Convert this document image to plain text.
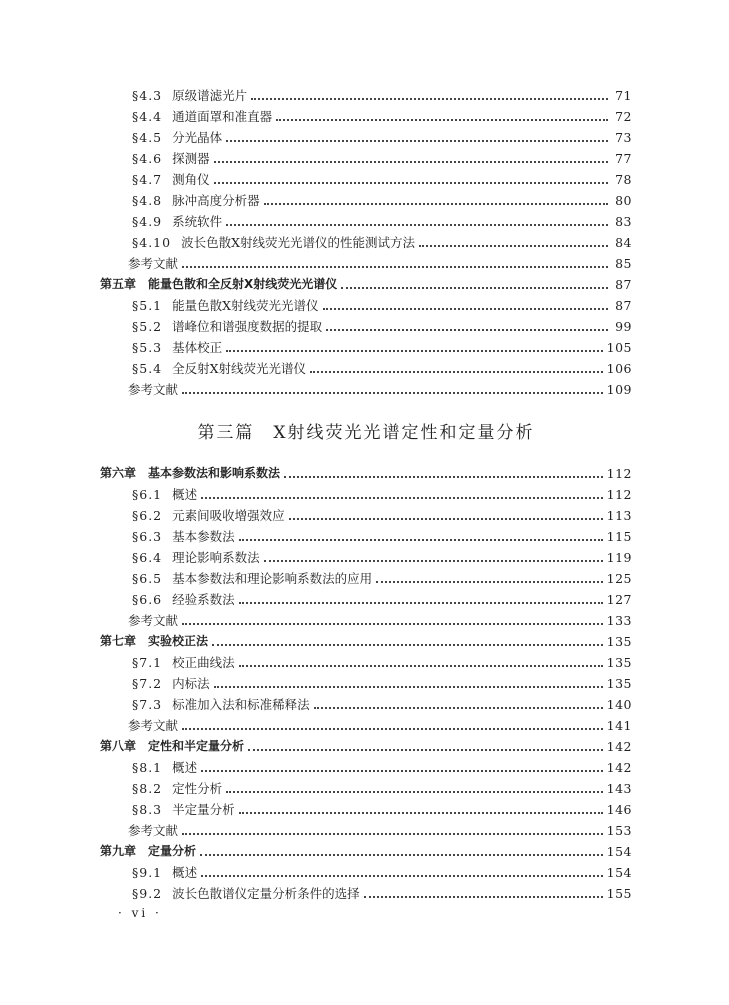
§4.3 原级谱滤光片	71
§4.4 通道面罩和准直器	72
§4.5 分光晶体	73
§4.6 探测器	77
§4.7 测角仪	78
§4.8 脉冲高度分析器	80
§4.9 系统软件	83
§4.10 波长色散X射线荧光光谱仪的性能测试方法	84
参考文献	85
第五章　能量色散和全反射X射线荧光光谱仪	87
§5.1 能量色散X射线荧光光谱仪	87
§5.2 谱峰位和谱强度数据的提取	99
§5.3 基体校正	105
§5.4 全反射X射线荧光光谱仪	106
参考文献	109
第三篇　X射线荧光光谱定性和定量分析
第六章　基本参数法和影响系数法	112
§6.1 概述	112
§6.2 元素间吸收增强效应	113
§6.3 基本参数法	115
§6.4 理论影响系数法	119
§6.5 基本参数法和理论影响系数法的应用	125
§6.6 经验系数法	127
参考文献	133
第七章　实验校正法	135
§7.1 校正曲线法	135
§7.2 内标法	135
§7.3 标准加入法和标准稀释法	140
参考文献	141
第八章　定性和半定量分析	142
§8.1 概述	142
§8.2 定性分析	143
§8.3 半定量分析	146
参考文献	153
第九章　定量分析	154
§9.1 概述	154
§9.2 波长色散谱仪定量分析条件的选择	155
· vi ·
